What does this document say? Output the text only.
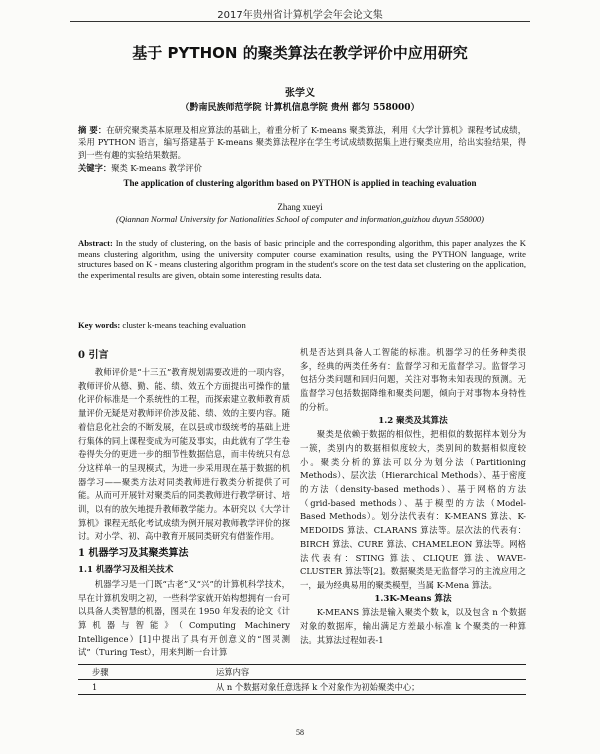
2017年贵州省计算机学会年会论文集
基于 PYTHON 的聚类算法在教学评价中应用研究
张学义
（黔南民族师范学院 计算机信息学院 贵州 都匀 558000）
摘 要：在研究聚类基本原理及相应算法的基础上，着重分析了 K-means 聚类算法，利用《大学计算机》课程考试成绩，采用 PYTHON 语言，编写搭建基于 K-means 聚类算法程序在学生考试成绩数据集上进行聚类应用，给出实验结果，得到一些有趣的实验结果数据。
关键字：聚类 K-means 教学评价
The application of clustering algorithm based on PYTHON is applied in teaching evaluation
Zhang xueyi
(Qiannan Normal University for Nationalities School of computer and information,guizhou duyun 558000)
Abstract: In the study of clustering, on the basis of basic principle and the corresponding algorithm, this paper analyzes the K means clustering algorithm, using the university computer course examination results, using the PYTHON language, write structures based on K - means clustering algorithm program in the student's score on the test data set clustering on the application, the experimental results are given, obtain some interesting results data.
Key words: cluster k-means teaching evaluation
0 引言

教师评价是“十三五”教育规划需要改进的一项内容，教师评价从德、勤、能、绩、效五个方面提出可操作的量化评价标准是一个系统性的工程，而探索建立教师教育质量评价无疑是对教师评价涉及能、绩、效的主要内容。随着信息化社会的不断发展，在以县或市级统考的基础上进行集体的同上课程变成为可能及事实，由此就有了学生卷卷得失分的更进一步的细节性数据信息，而丰传统只有总分这样单一的呈现模式，为进一步采用现在基于数据的机器学习——聚类方法对同类教师进行教类分析提供了可能。从而可开展针对聚类后的同类教师进行教学研讨、培训，以有的放矢地提升教师教学能力。本研究以《大学计算机》课程无纸化考试成绩为例开展对教师教学评价的探讨。对小学、初、高中教育开展同类研究有借鉴作用。

1 机器学习及其聚类算法
1.1 机器学习及相关技术

机器学习是一门既“古老”又“兴”的计算机科学技术，早在计算机发明之初，一些科学家就开始构想拥有一台可以具备人类智慧的机器，图灵在 1950 年发表的论文《计算机器与智能》（Computing Machinery Intelligence）[1]中提出了具有开创意义的“图灵测试”（Turing Test），用来判断一台计算

机是否达到具备人工智能的标准。机器学习的任务种类很多，经典的两类任务有：监督学习和无监督学习。监督学习包括分类问题和回归问题，关注对事物未知表现的预测。无监督学习包括数据降维和聚类问题，倾向于对事物本身特性的分析。

1.2 聚类及其算法

聚类是依赖于数据的相似性，把相似的数据样本划分为一簇，类别内的数据相似度较大，类别间的数据相似度较小。聚类分析的算法可以分为划分法（Partitioning Methods）、层次法（Hierarchical Methods）、基于密度的方法（density-based methods）、基于网格的方法（grid-based methods）、基于模型的方法（Model-Based Methods）。划分法代表有：K-MEANS 算法、K-MEDOIDS 算法、CLARANS 算法等。层次法的代表有：BIRCH 算法、CURE 算法、CHAMELEON 算法等。网格法代表有：STING 算法、CLIQUE 算法、WAVE-CLUSTER 算法等[2]。数据聚类是无监督学习的主流应用之一，最为经典易用的聚类模型，当属 K-Mena 算法。

1.3K-Means 算法

K-MEANS 算法是输入聚类个数 k，以及包含 n 个数据对象的数据库，输出满足方差最小标准 k 个聚类的一种算法。其算法过程如表-1

步骤	运算内容
1	从 n 个数据对象任意选择 k 个对象作为初始聚类中心；
58
